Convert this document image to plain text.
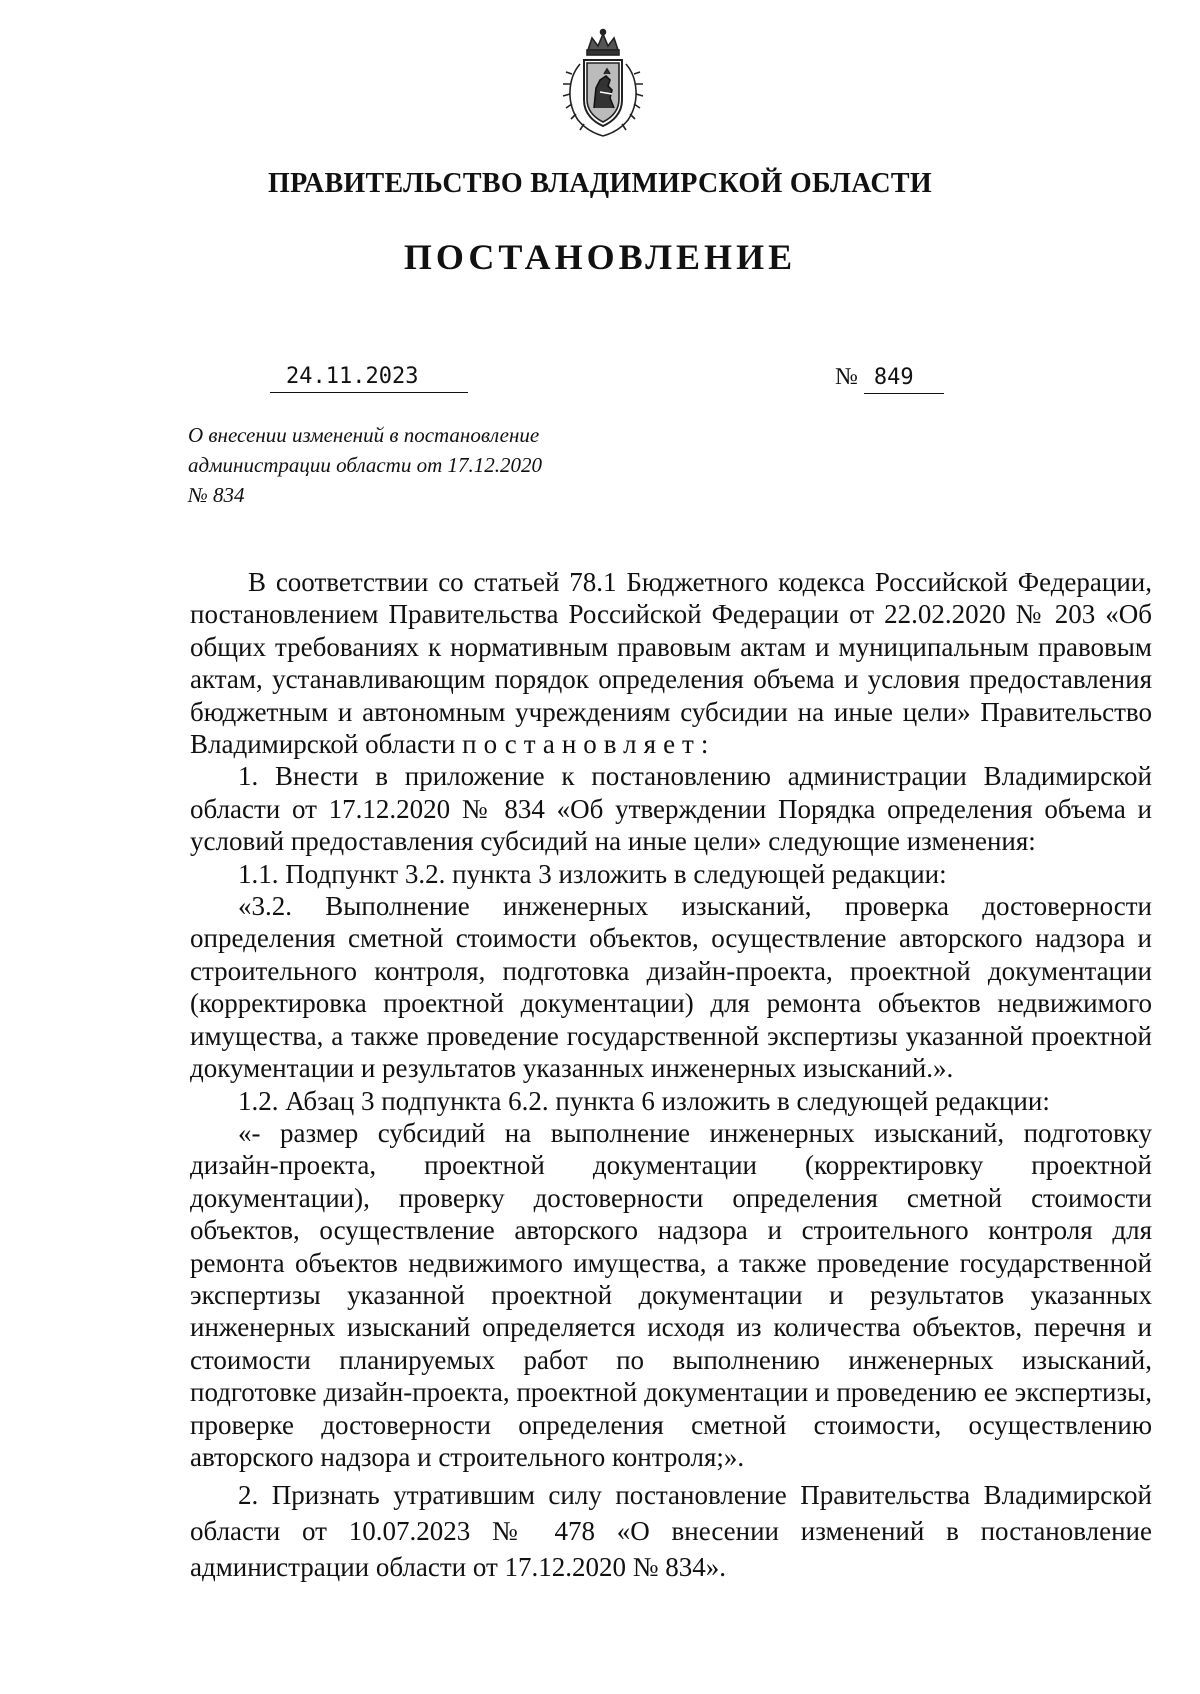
ПРАВИТЕЛЬСТВО ВЛАДИМИРСКОЙ ОБЛАСТИ
ПОСТАНОВЛЕНИЕ
24.11.2023	№ 849
О внесении изменений в постановление
администрации области от 17.12.2020
№ 834

В соответствии со статьей 78.1 Бюджетного кодекса Российской Федерации, постановлением Правительства Российской Федерации от 22.02.2020 № 203 «Об общих требованиях к нормативным правовым актам и муниципальным правовым актам, устанавливающим порядок определения объема и условия предоставления бюджетным и автономным учреждениям субсидии на иные цели» Правительство Владимирской области постановляет:

1. Внести в приложение к постановлению администрации Владимирской области от 17.12.2020 № 834 «Об утверждении Порядка определения объема и условий предоставления субсидий на иные цели» следующие изменения:

1.1. Подпункт 3.2. пункта 3 изложить в следующей редакции:

«3.2. Выполнение инженерных изысканий, проверка достоверности определения сметной стоимости объектов, осуществление авторского надзора и строительного контроля, подготовка дизайн-проекта, проектной документации (корректировка проектной документации) для ремонта объектов недвижимого имущества, а также проведение государственной экспертизы указанной проектной документации и результатов указанных инженерных изысканий.».

1.2. Абзац 3 подпункта 6.2. пункта 6 изложить в следующей редакции:

«- размер субсидий на выполнение инженерных изысканий, подготовку дизайн-проекта, проектной документации (корректировку проектной документации), проверку достоверности определения сметной стоимости объектов, осуществление авторского надзора и строительного контроля для ремонта объектов недвижимого имущества, а также проведение государственной экспертизы указанной проектной документации и результатов указанных инженерных изысканий определяется исходя из количества объектов, перечня и стоимости планируемых работ по выполнению инженерных изысканий, подготовке дизайн-проекта, проектной документации и проведению ее экспертизы, проверке достоверности определения сметной стоимости, осуществлению авторского надзора и строительного контроля;».

2. Признать утратившим силу постановление Правительства Владимирской области от 10.07.2023 № 478 «О внесении изменений в постановление администрации области от 17.12.2020 № 834».
